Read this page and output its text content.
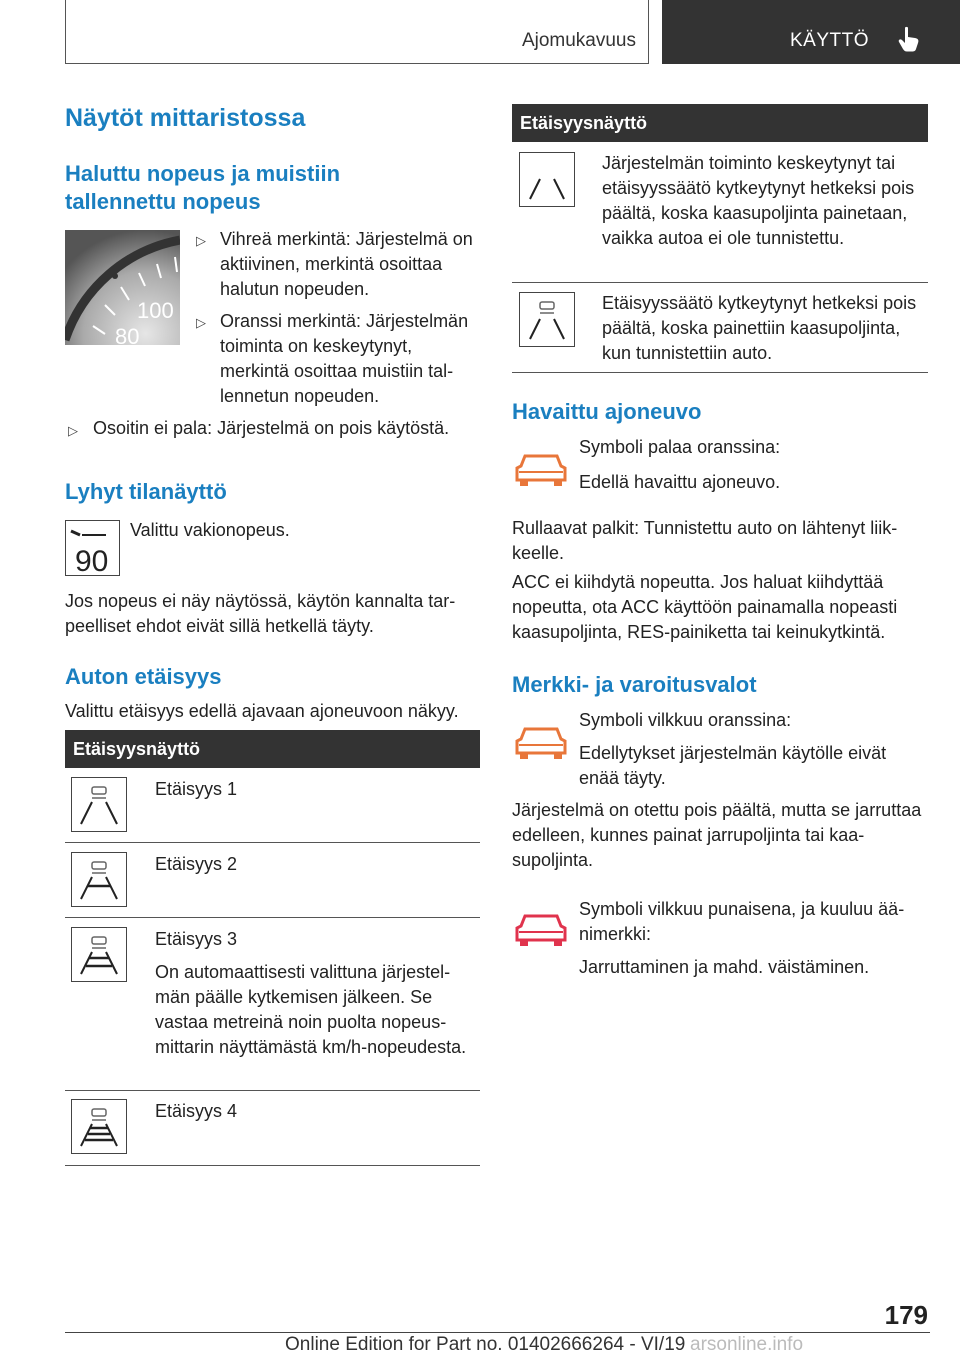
Ajomukavuus	KÄYTTÖ
Näytöt mittaristossa
Haluttu nopeus ja muistiin tallennettu nopeus
100
80
▷ Vihreä merkintä: Järjestelmä on aktiivinen, merkintä osoittaa halutun nopeuden.
▷ Oranssi merkintä: Järjestelmän toiminta on keskeytynyt, merkintä osoittaa muistiin tallennetun nopeuden.
▷ Osoitin ei pala: Järjestelmä on pois käytöstä.
Lyhyt tilanäyttö
90
Valittu vakionopeus.
Jos nopeus ei näy näytössä, käytön kannalta tarpeelliset ehdot eivät sillä hetkellä täyty.
Auton etäisyys
Valittu etäisyys edellä ajavaan ajoneuvoon näkyy.
Etäisyysnäyttö
Etäisyys 1
Etäisyys 2
Etäisyys 3
On automaattisesti valittuna järjestelmän päälle kytkemisen jälkeen. Se vastaa metreinä noin puolta nopeusmittarin näyttämästä km/h-nopeudesta.
Etäisyys 4
Etäisyysnäyttö
Järjestelmän toiminto keskeytynyt tai etäisyyssäätö kytkeytynyt hetkeksi pois päältä, koska kaasupoljinta painetaan, vaikka autoa ei ole tunnistettu.
Etäisyyssäätö kytkeytynyt hetkeksi pois päältä, koska painettiin kaasupoljinta, kun tunnistettiin auto.
Havaittu ajoneuvo
Symboli palaa oranssina:
Edellä havaittu ajoneuvo.
Rullaavat palkit: Tunnistettu auto on lähtenyt liikkeelle.
ACC ei kiihdytä nopeutta. Jos haluat kiihdyttää nopeutta, ota ACC käyttöön painamalla nopeasti kaasupoljinta, RES-painiketta tai keinukytkintä.
Merkki- ja varoitusvalot
Symboli vilkkuu oranssina:
Edellytykset järjestelmän käytölle eivät enää täyty.
Järjestelmä on otettu pois päältä, mutta se jarruttaa edelleen, kunnes painat jarrupoljinta tai kaasupoljinta.
Symboli vilkkuu punaisena, ja kuuluu äänimerkki:
Jarruttaminen ja mahd. väistäminen.
179
Online Edition for Part no. 01402666264 - VI/19 arsonline.info
